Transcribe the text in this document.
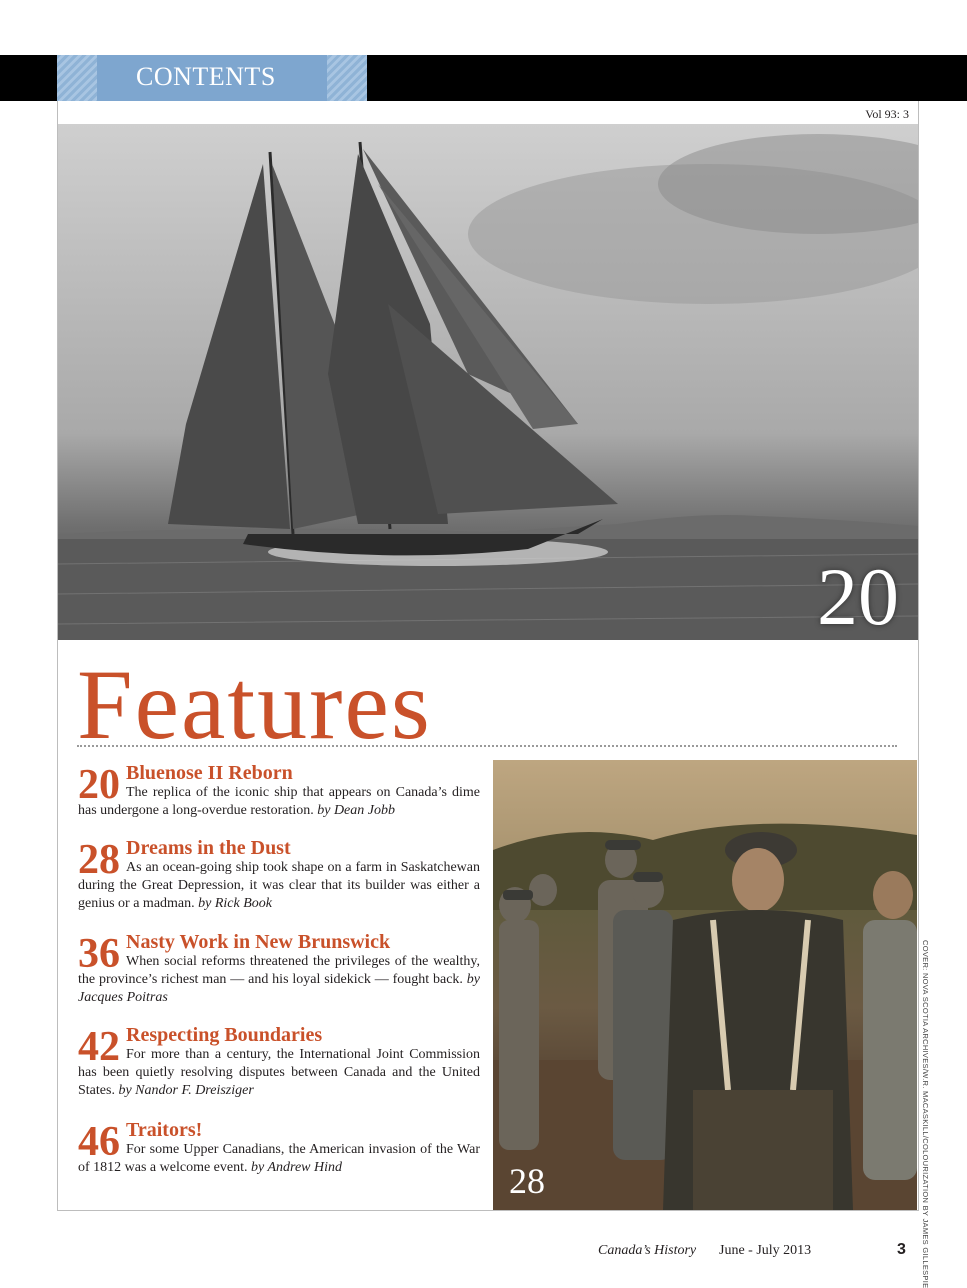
CONTENTS
Vol 93: 3
20
Features
20 Bluenose II Reborn
The replica of the iconic ship that appears on Canada’s dime has undergone a long-overdue restoration. by Dean Jobb
28 Dreams in the Dust
As an ocean-going ship took shape on a farm in Saskatchewan during the Great Depression, it was clear that its builder was either a genius or a madman. by Rick Book
36 Nasty Work in New Brunswick
When social reforms threatened the privileges of the wealthy, the province’s richest man — and his loyal sidekick — fought back. by Jacques Poitras
42 Respecting Boundaries
For more than a century, the International Joint Commission has been quietly resolving disputes between Canada and the United States. by Nandor F. Dreisziger
46 Traitors!
For some Upper Canadians, the American invasion of the War of 1812 was a welcome event. by Andrew Hind	28	COVER: NOVA SCOTIA ARCHIVES/W.R. MACASKILL/COLOURIZATION BY JAMES GILLESPIE
Canada’s History June - July 2013	3
